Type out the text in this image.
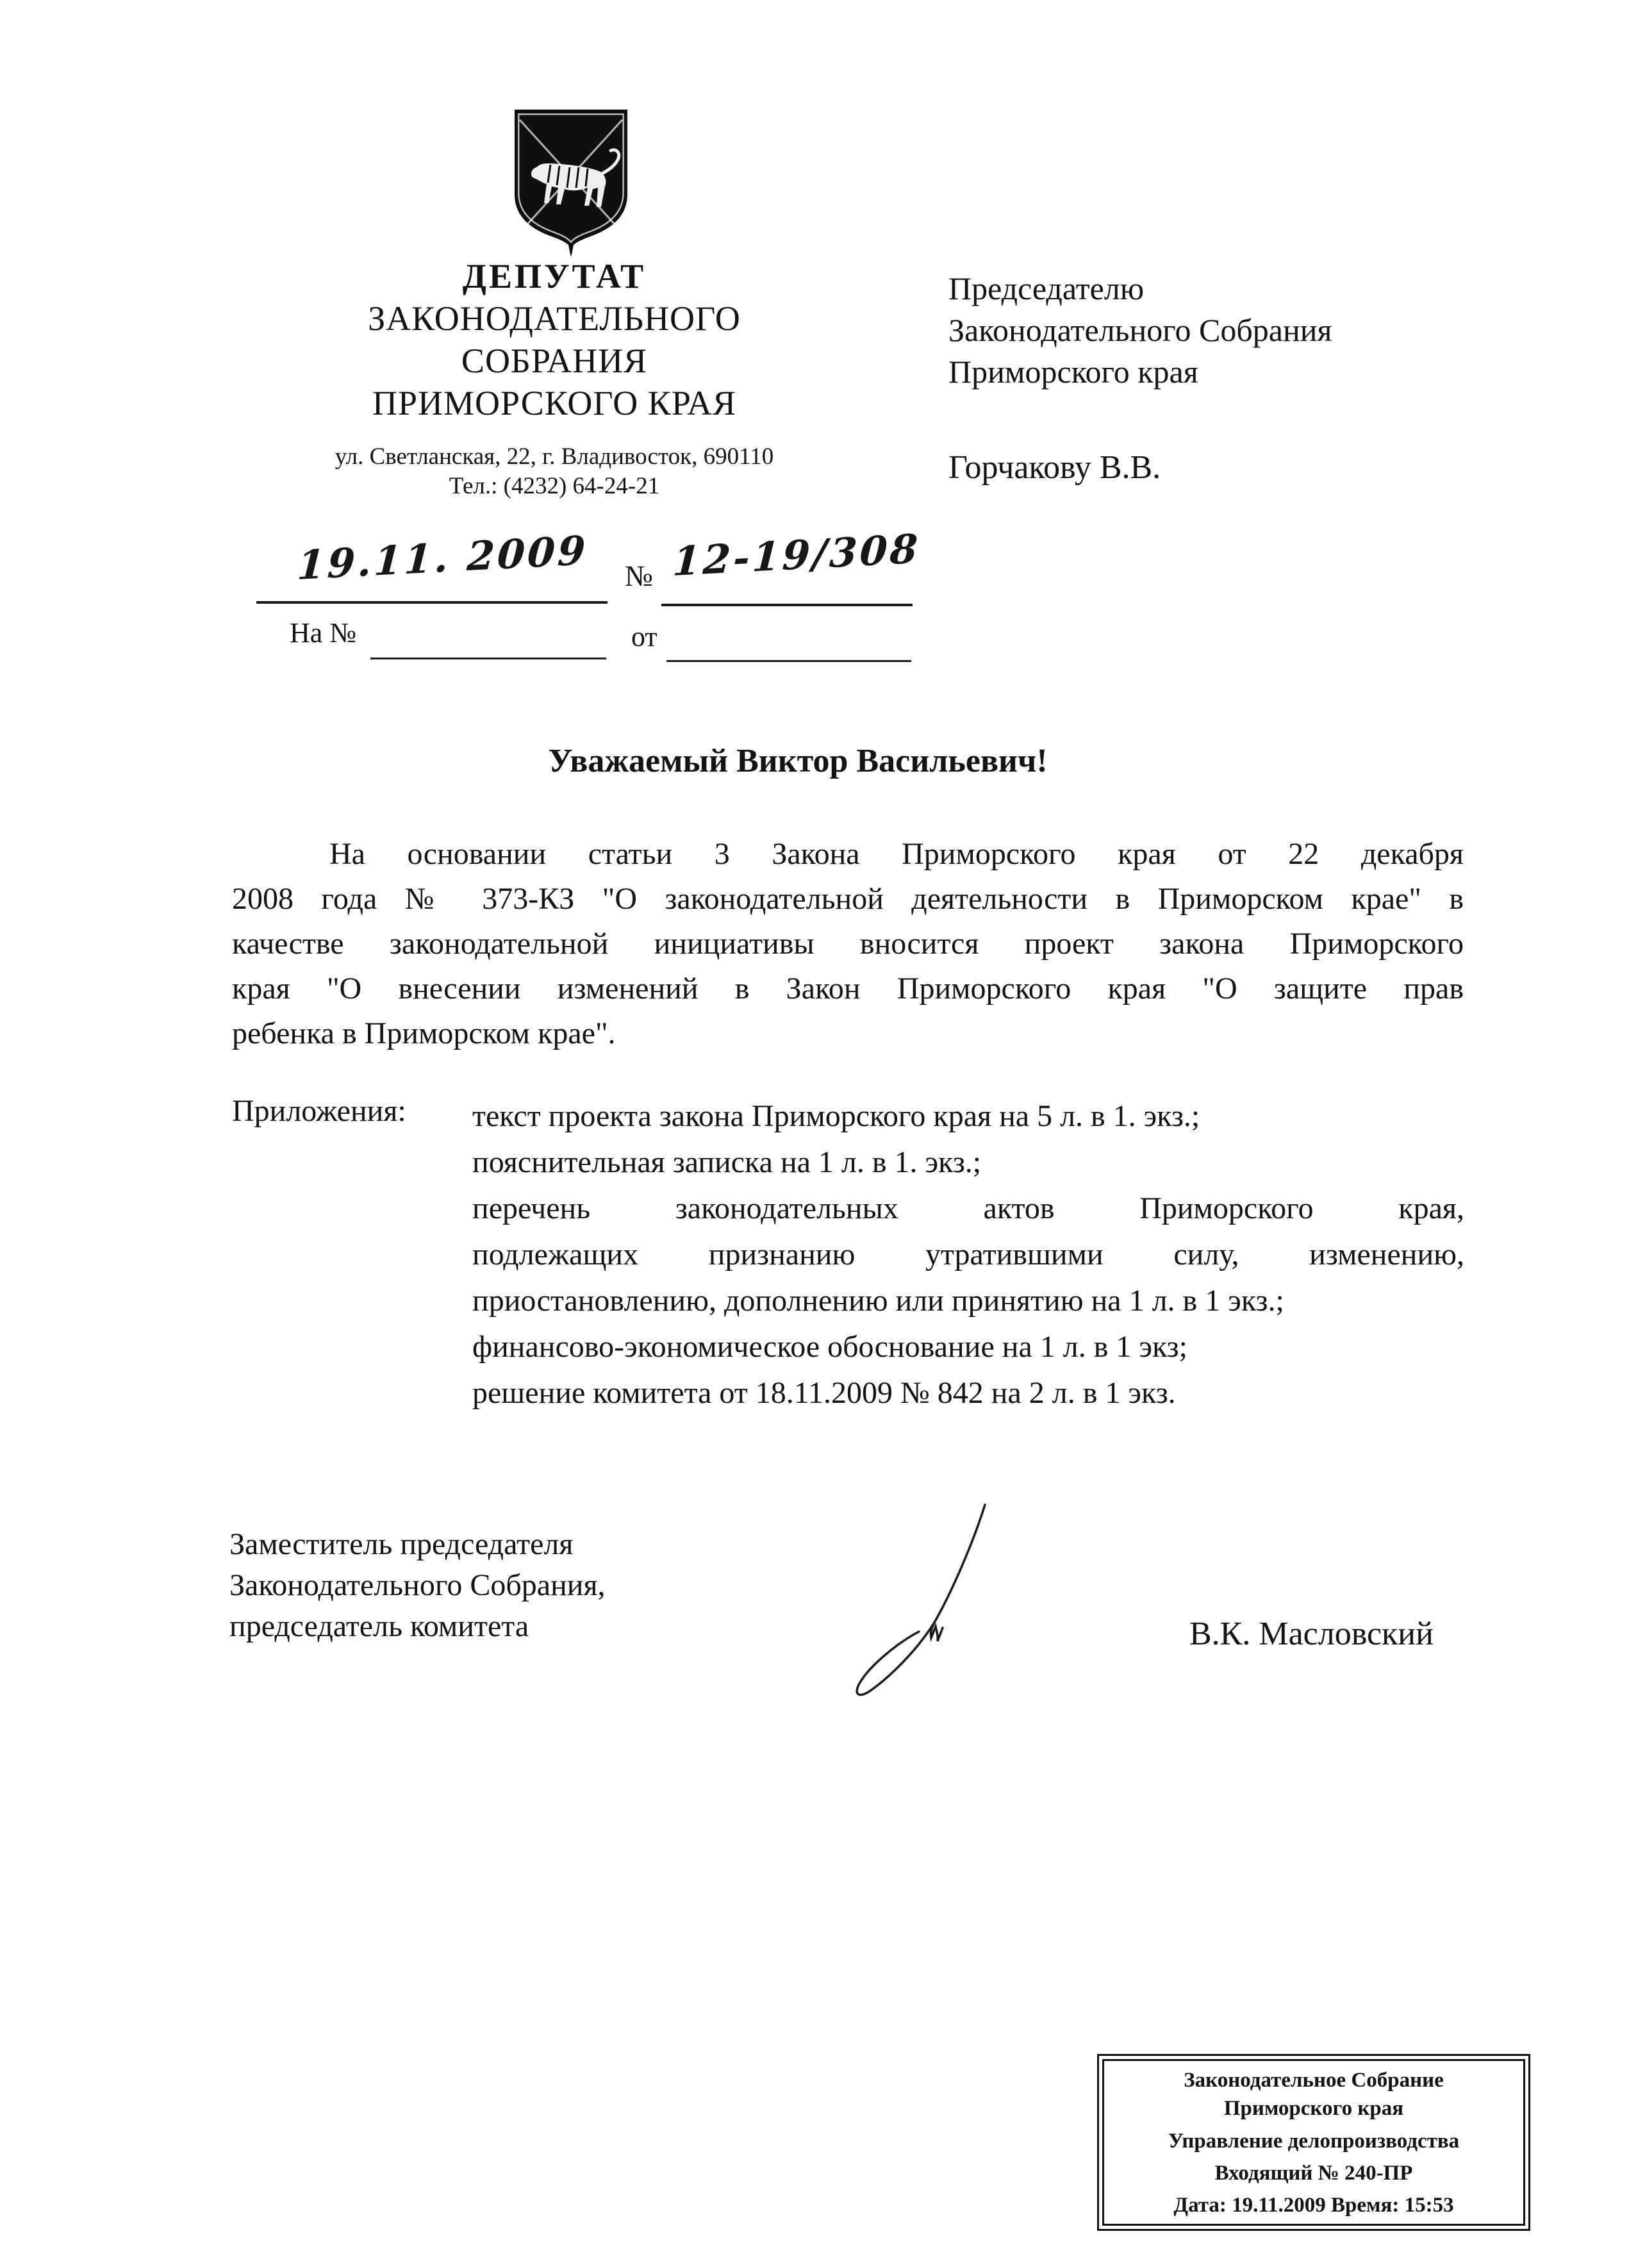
ДЕПУТАТ
ЗАКОНОДАТЕЛЬНОГО
СОБРАНИЯ
ПРИМОРСКОГО КРАЯ
ул. Светланская, 22, г. Владивосток, 690110
Тел.: (4232) 64-24-21
Председателю
Законодательного Собрания
Приморского края
Горчакову В.В.
19.11. 2009 № 12-19/308
На №	от
Уважаемый Виктор Васильевич!
На основании статьи 3 Закона Приморского края от 22 декабря
2008 года № 373-КЗ "О законодательной деятельности в Приморском крае" в
качестве законодательной инициативы вносится проект закона Приморского
края "О внесении изменений в Закон Приморского края "О защите прав
ребенка в Приморском крае".
Приложения: текст проекта закона Приморского края на 5 л. в 1. экз.;
пояснительная записка на 1 л. в 1. экз.;
перечень законодательных актов Приморского края,
подлежащих признанию утратившими силу, изменению,
приостановлению, дополнению или принятию на 1 л. в 1 экз.;
финансово-экономическое обоснование на 1 л. в 1 экз;
решение комитета от 18.11.2009 № 842 на 2 л. в 1 экз.
Заместитель председателя
Законодательного Собрания,
председатель комитета	В.К. Масловский
Законодательное Собрание
Приморского края
Управление делопроизводства
Входящий № 240-ПР
Дата: 19.11.2009 Время: 15:53
